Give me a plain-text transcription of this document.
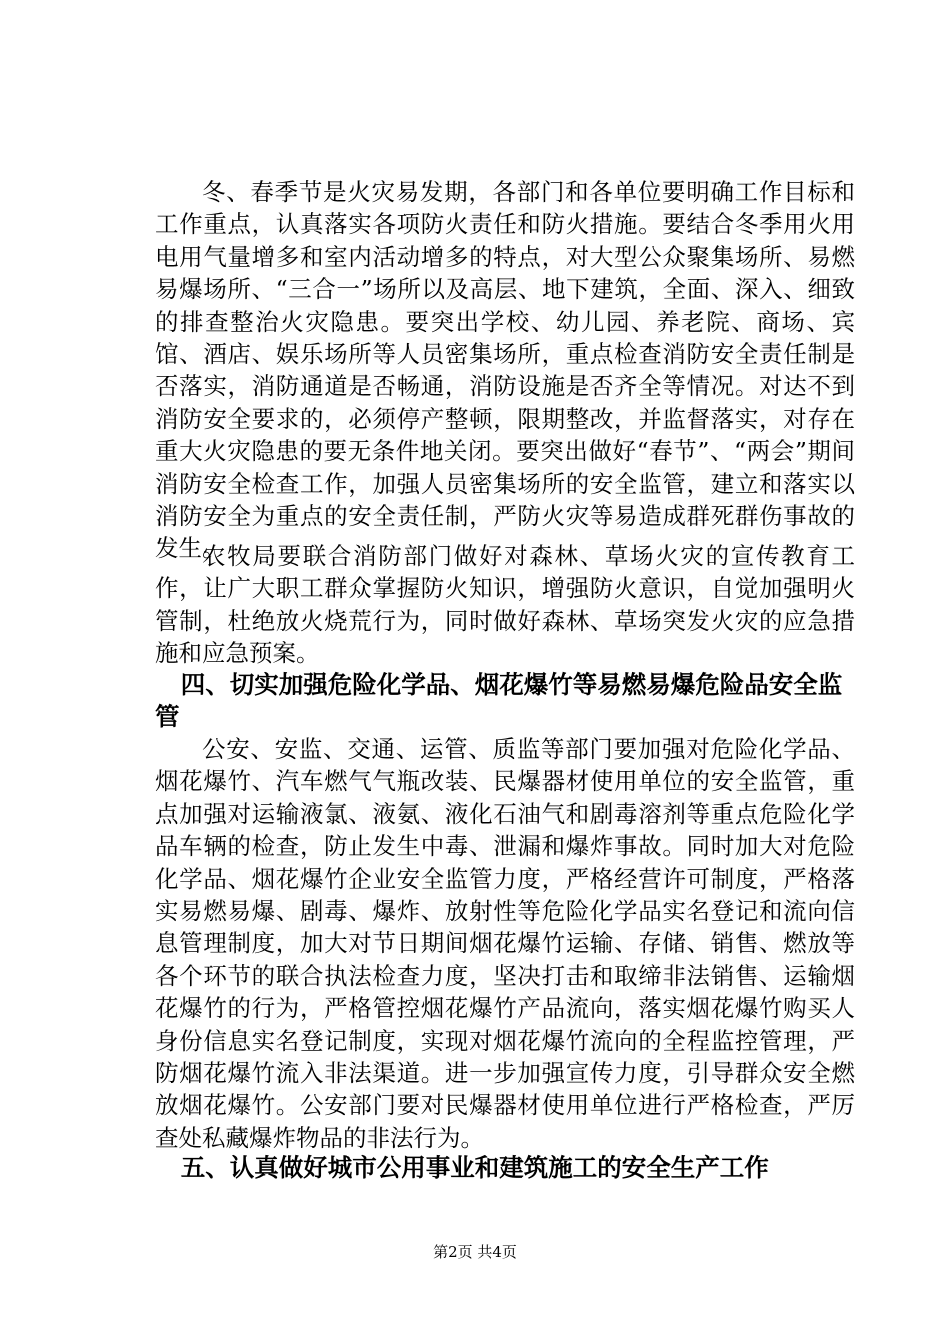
冬、春季节是火灾易发期，各部门和各单位要明确工作目标和工作重点，认真落实各项防火责任和防火措施。要结合冬季用火用电用气量增多和室内活动增多的特点，对大型公众聚集场所、易燃易爆场所、“三合一”场所以及高层、地下建筑，全面、深入、细致的排查整治火灾隐患。要突出学校、幼儿园、养老院、商场、宾馆、酒店、娱乐场所等人员密集场所，重点检查消防安全责任制是否落实，消防通道是否畅通，消防设施是否齐全等情况。对达不到消防安全要求的，必须停产整顿，限期整改，并监督落实，对存在重大火灾隐患的要无条件地关闭。要突出做好“春节”、“两会”期间消防安全检查工作，加强人员密集场所的安全监管，建立和落实以消防安全为重点的安全责任制，严防火灾等易造成群死群伤事故的发生。

农牧局要联合消防部门做好对森林、草场火灾的宣传教育工作，让广大职工群众掌握防火知识，增强防火意识，自觉加强明火管制，杜绝放火烧荒行为，同时做好森林、草场突发火灾的应急措施和应急预案。

四、切实加强危险化学品、烟花爆竹等易燃易爆危险品安全监管

公安、安监、交通、运管、质监等部门要加强对危险化学品、烟花爆竹、汽车燃气气瓶改装、民爆器材使用单位的安全监管，重点加强对运输液氯、液氨、液化石油气和剧毒溶剂等重点危险化学品车辆的检查，防止发生中毒、泄漏和爆炸事故。同时加大对危险化学品、烟花爆竹企业安全监管力度，严格经营许可制度，严格落实易燃易爆、剧毒、爆炸、放射性等危险化学品实名登记和流向信息管理制度，加大对节日期间烟花爆竹运输、存储、销售、燃放等各个环节的联合执法检查力度，坚决打击和取缔非法销售、运输烟花爆竹的行为，严格管控烟花爆竹产品流向，落实烟花爆竹购买人身份信息实名登记制度，实现对烟花爆竹流向的全程监控管理，严防烟花爆竹流入非法渠道。进一步加强宣传力度，引导群众安全燃放烟花爆竹。公安部门要对民爆器材使用单位进行严格检查，严厉查处私藏爆炸物品的非法行为。

五、认真做好城市公用事业和建筑施工的安全生产工作
第2页 共4页
